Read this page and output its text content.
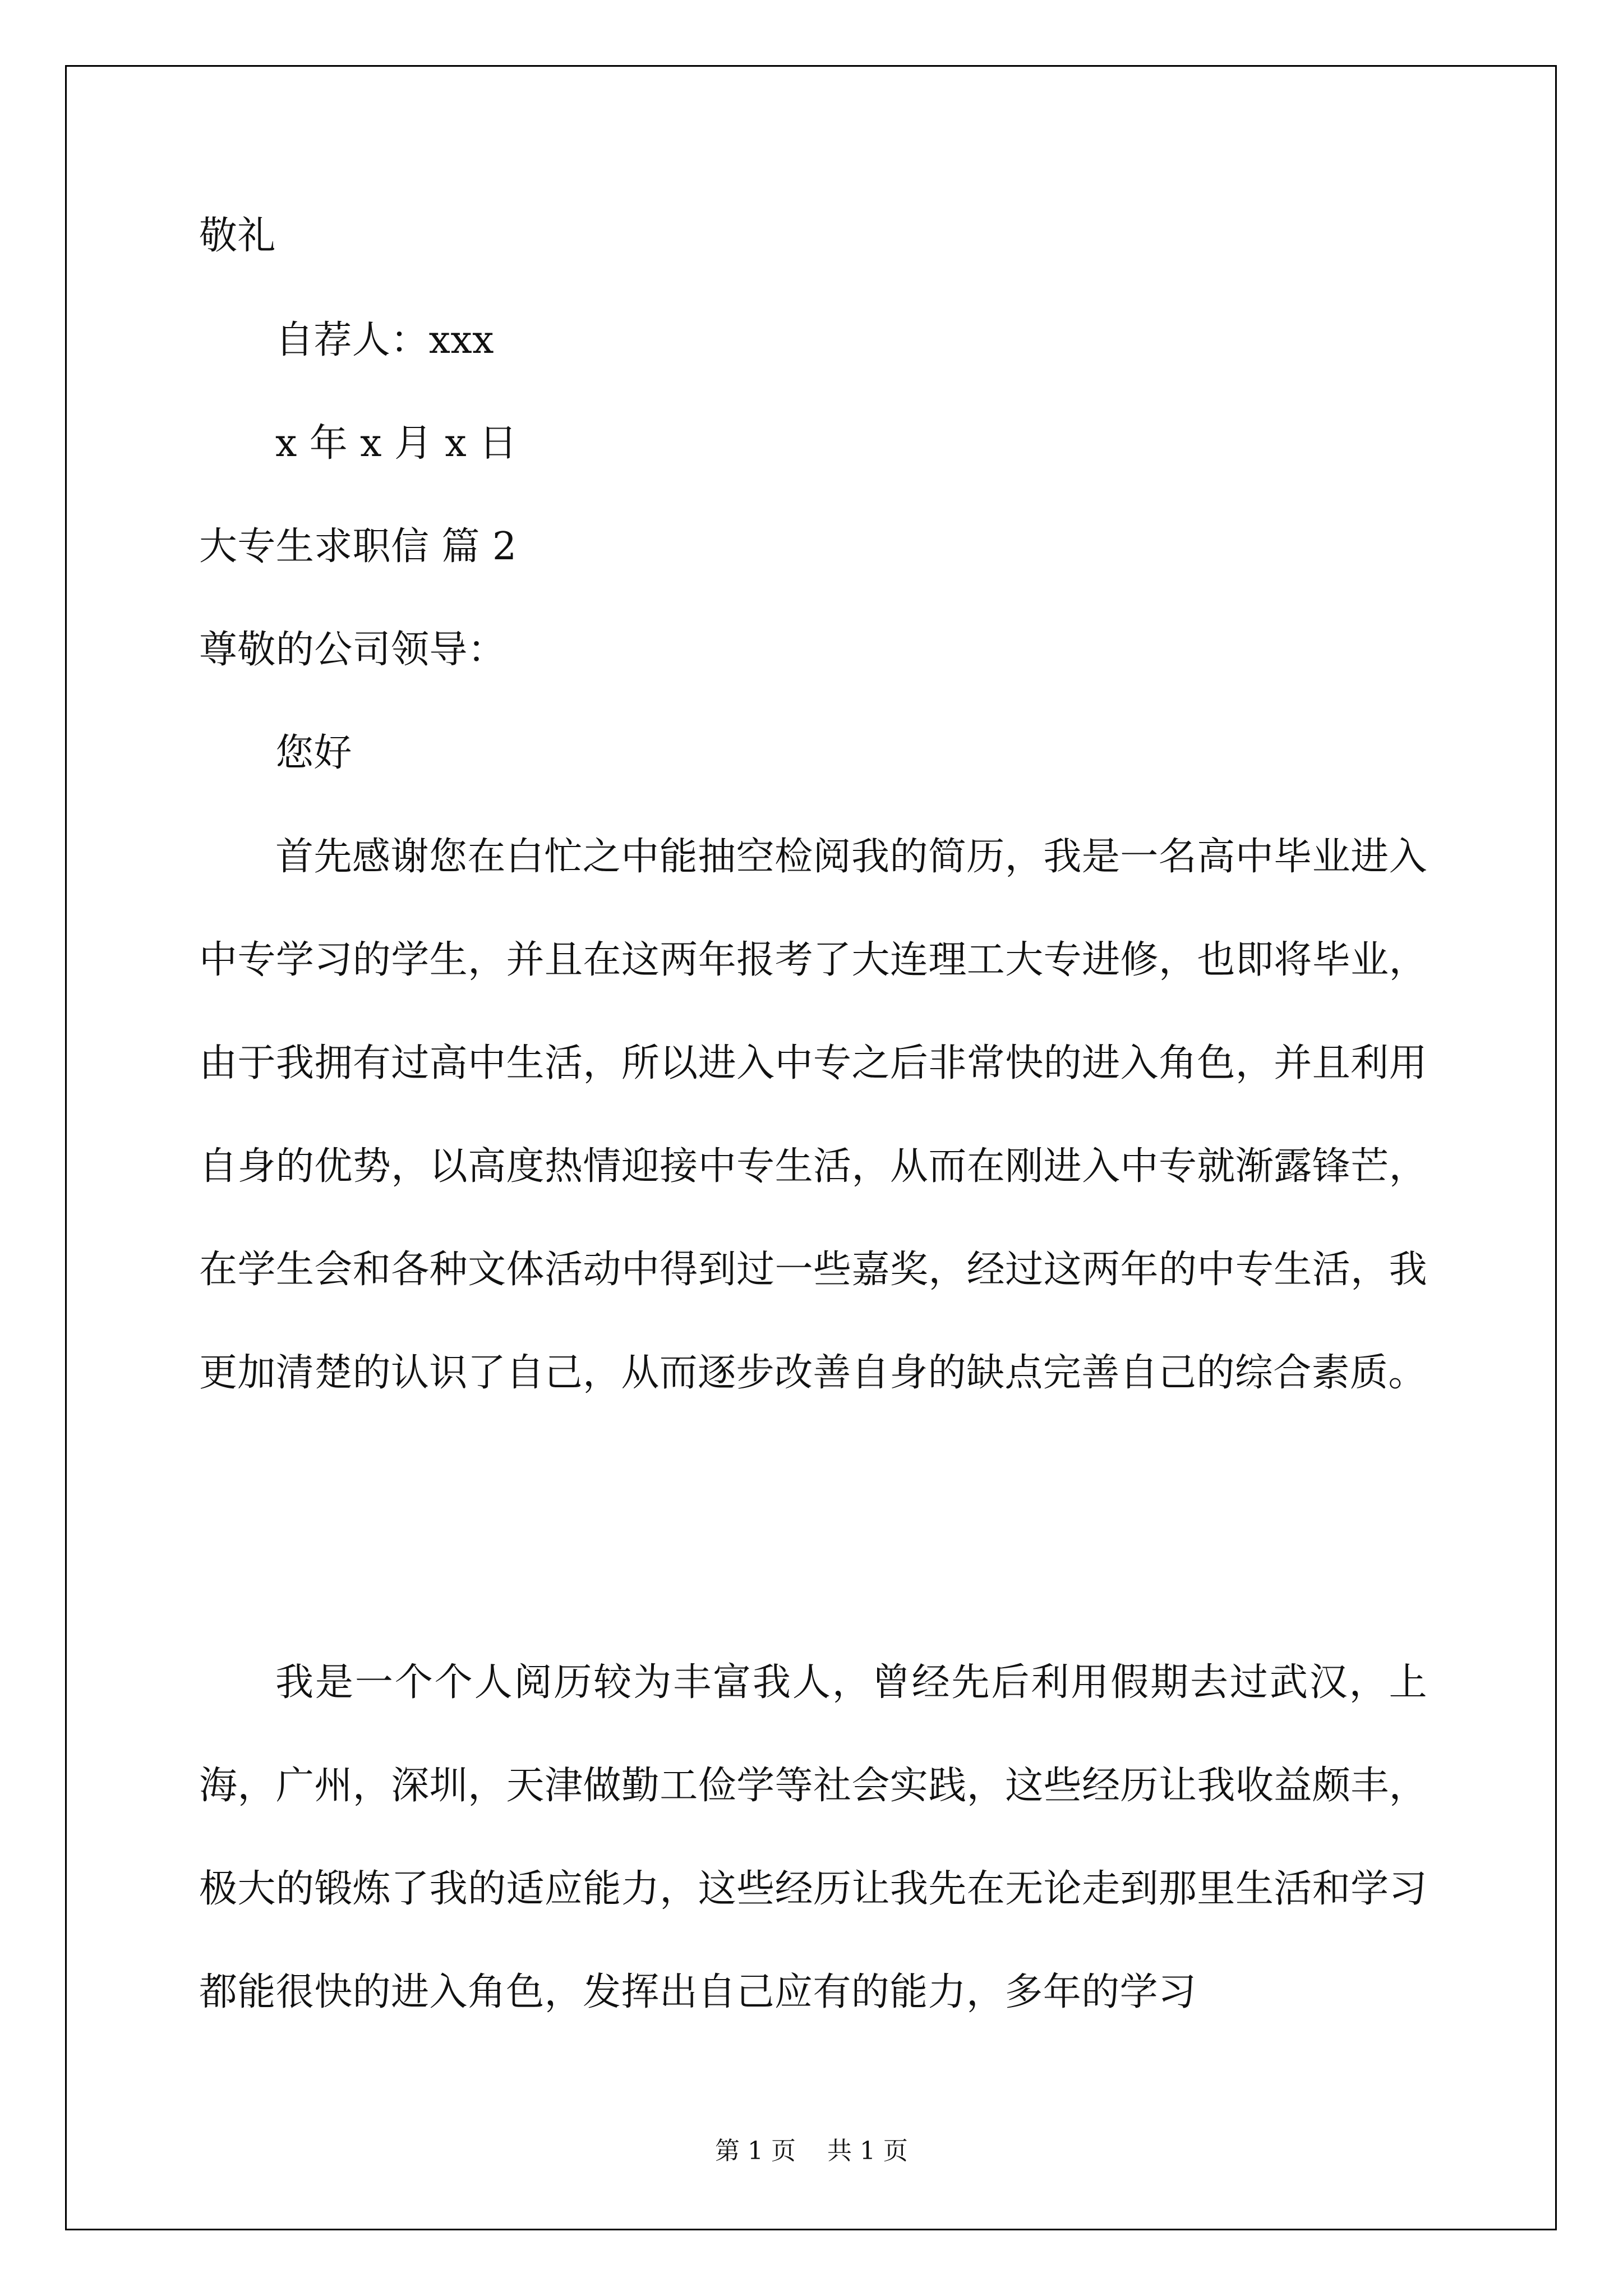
敬礼
自荐人：xxx
x 年 x 月 x 日
大专生求职信 篇 2
尊敬的公司领导：
您好
首先感谢您在白忙之中能抽空检阅我的简历，我是一名高中毕业进入中专学习的学生，并且在这两年报考了大连理工大专进修，也即将毕业，由于我拥有过高中生活，所以进入中专之后非常快的进入角色，并且利用自身的优势，以高度热情迎接中专生活，从而在刚进入中专就渐露锋芒，在学生会和各种文体活动中得到过一些嘉奖，经过这两年的中专生活，我更加清楚的认识了自己，从而逐步改善自身的缺点完善自己的综合素质。
我是一个个人阅历较为丰富我人，曾经先后利用假期去过武汉，上海，广州，深圳，天津做勤工俭学等社会实践，这些经历让我收益颇丰，极大的锻炼了我的适应能力，这些经历让我先在无论走到那里生活和学习都能很快的进入角色，发挥出自己应有的能力，多年的学习
第 1 页    共 1 页
